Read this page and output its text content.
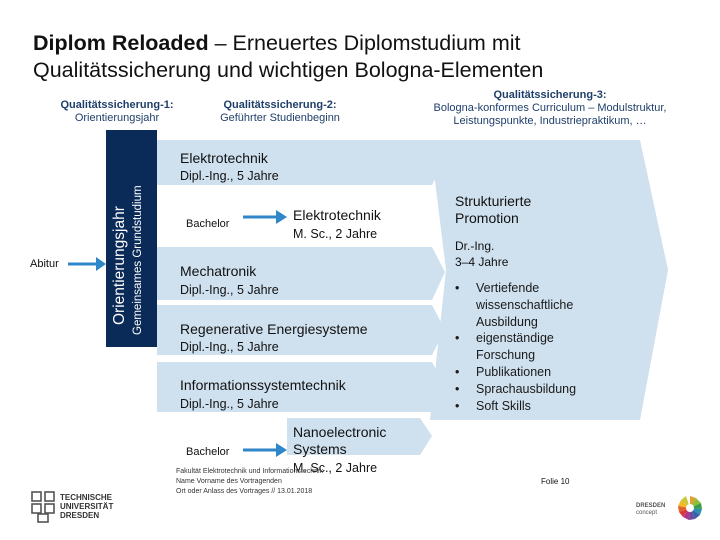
Diplom Reloaded – Erneuertes Diplomstudium mit Qualitätssicherung und wichtigen Bologna-Elementen
Qualitätssicherung-1:
Orientierungsjahr
Qualitätssicherung-2:
Geführter Studienbeginn
Qualitätssicherung-3:
Bologna-konformes Curriculum – Modulstruktur, Leistungspunkte, Industriepraktikum, …
Orientierungsjahr Gemeinsames Grundstudium
Abitur
Elektrotechnik
Dipl.-Ing., 5 Jahre
Mechatronik
Dipl.-Ing., 5 Jahre
Regenerative Energiesysteme
Dipl.-Ing., 5 Jahre
Informationssystemtechnik
Dipl.-Ing., 5 Jahre
Bachelor
Bachelor
Elektrotechnik
M. Sc., 2 Jahre
Nanoelectronic Systems
M. Sc., 2 Jahre
Strukturierte Promotion
Dr.-Ing.
3–4 Jahre
• Vertiefende wissenschaftliche Ausbildung
• eigenständige Forschung
• Publikationen
• Sprachausbildung
• Soft Skills
TECHNISCHE
UNIVERSITÄT
DRESDEN
Fakultät Elektrotechnik und Informationstechnik
Name Vorname des Vortragenden
Ort oder Anlass des Vortrages // 13.01.2018
Folie 10
DRESDEN
concept
